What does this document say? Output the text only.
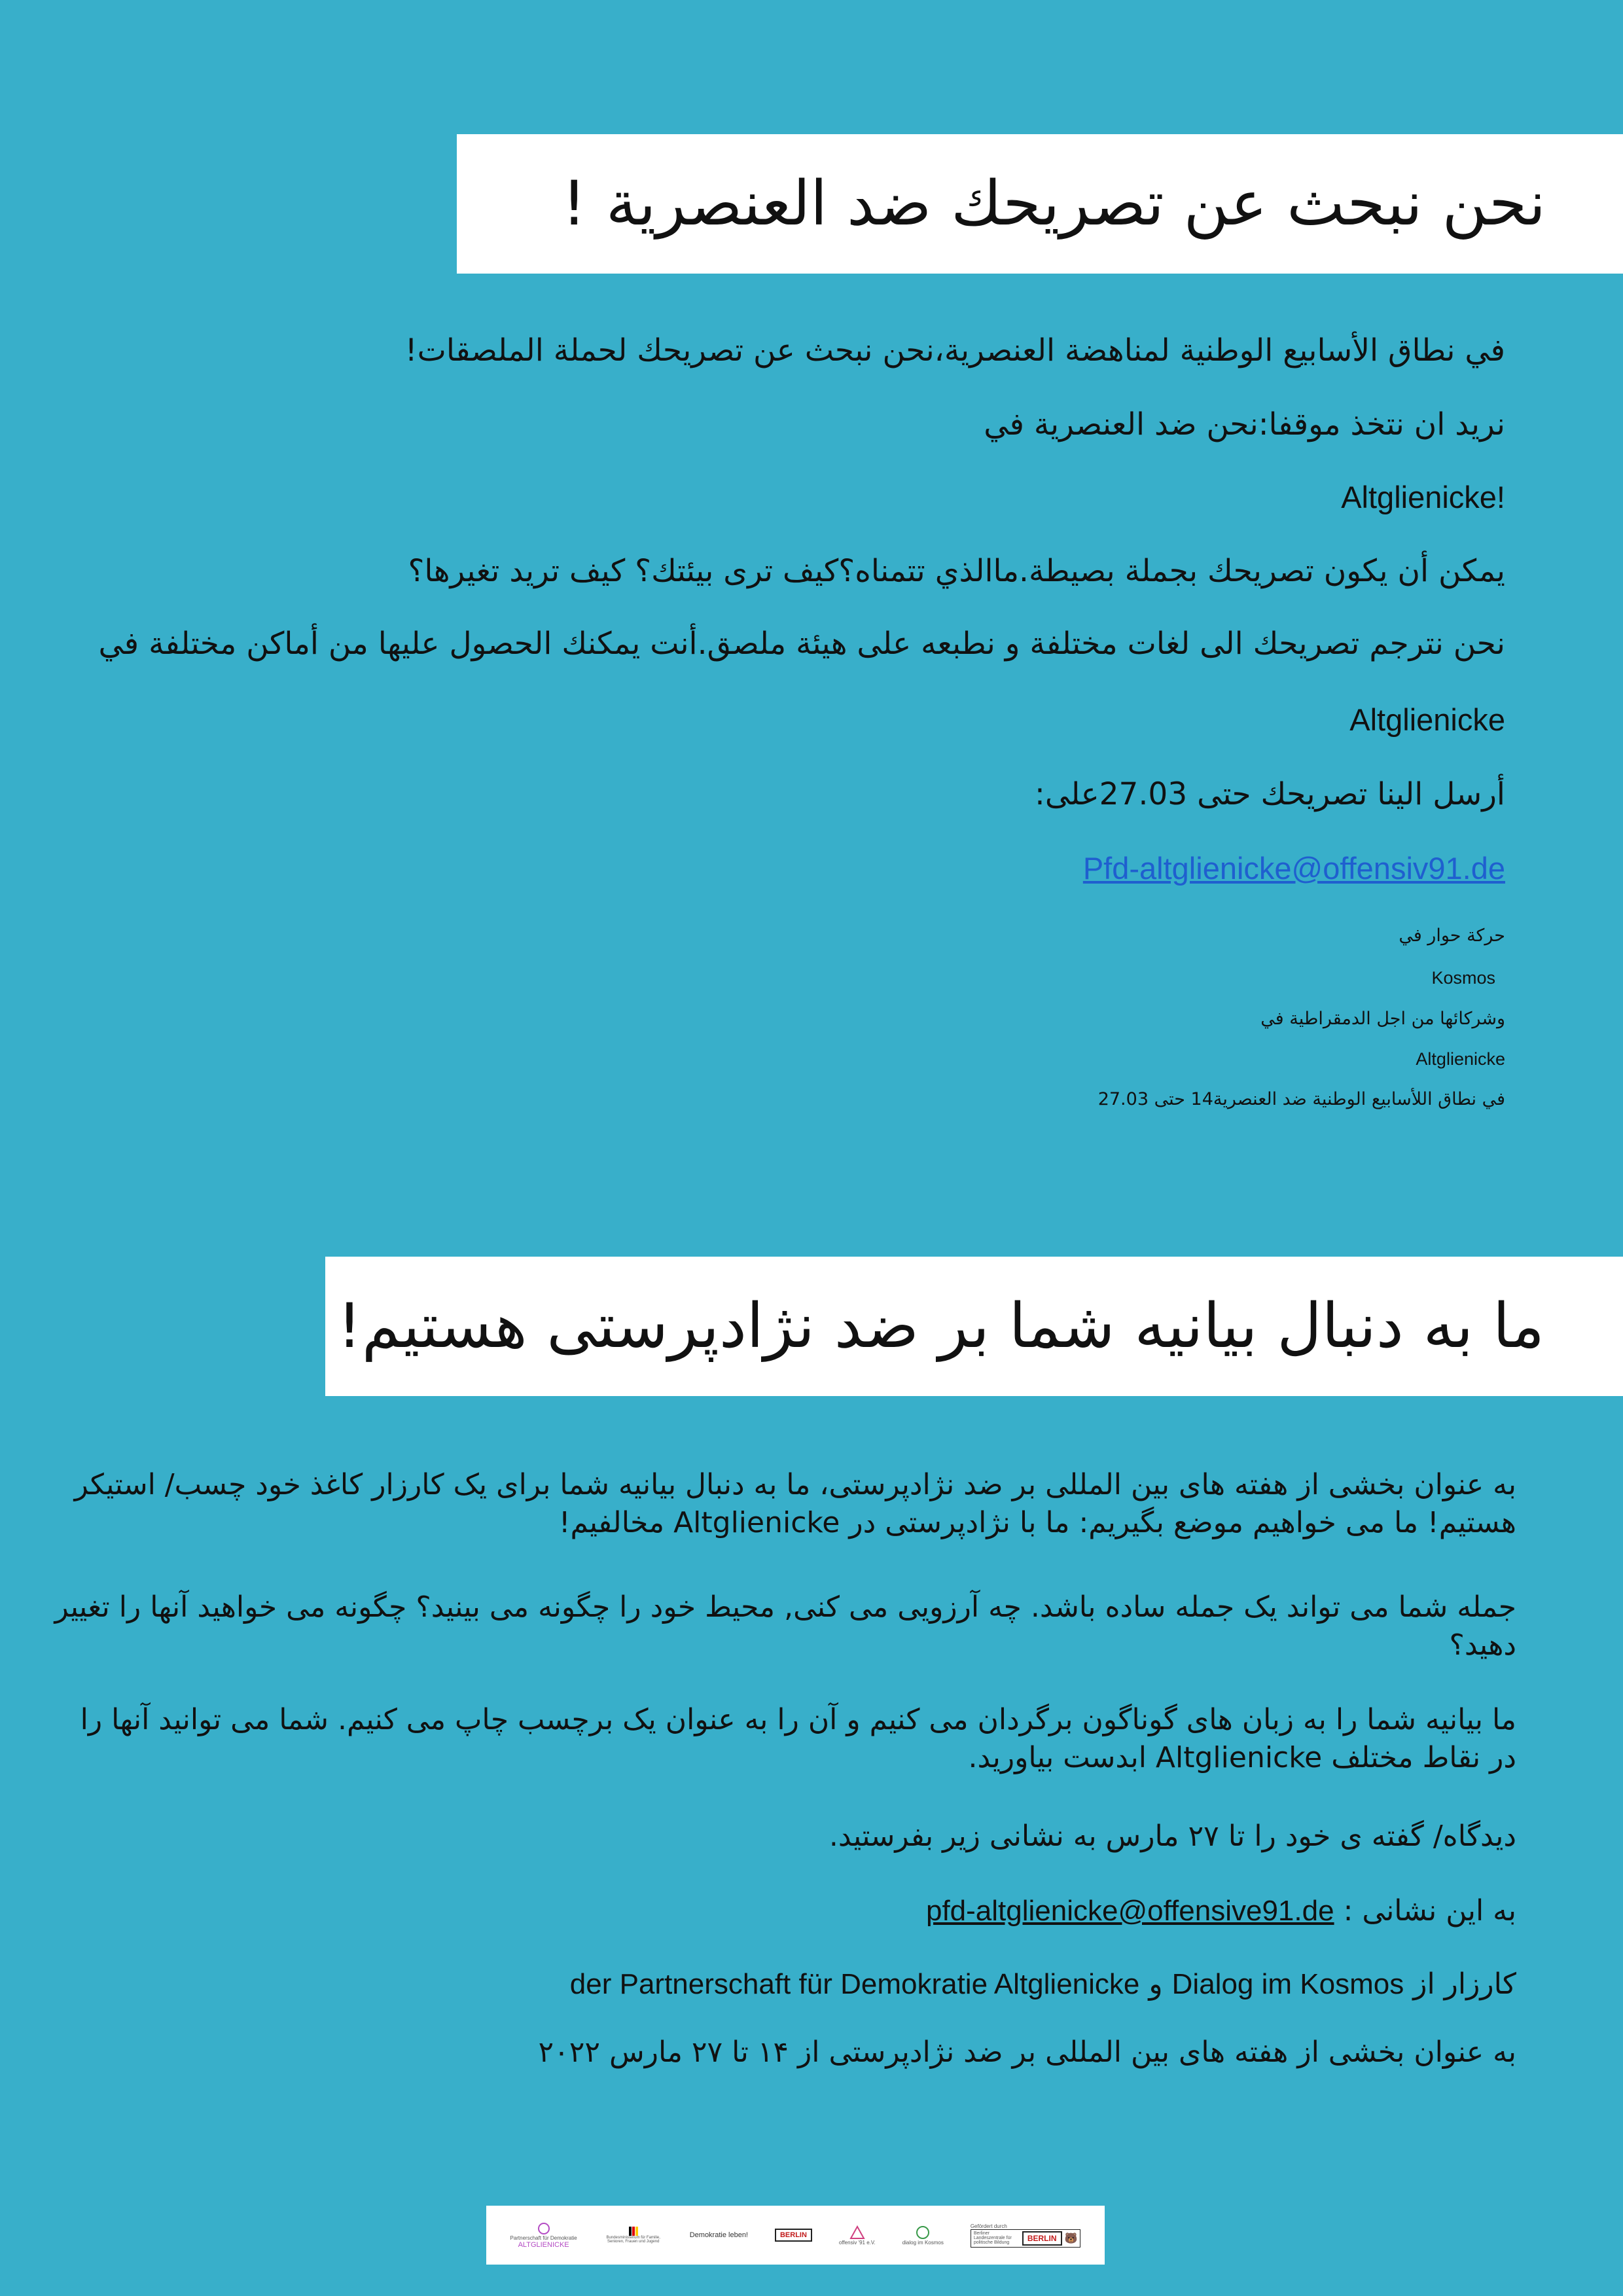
نحن نبحث عن تصريحك ضد العنصرية !
في نطاق الأسابيع الوطنية لمناهضة العنصرية،نحن نبحث عن تصريحك لحملة الملصقات!
نريد ان نتخذ موقفا:نحن ضد العنصرية في
Altglienicke!
يمكن أن يكون تصريحك بجملة بصيطة.ماالذي تتمناه؟كيف ترى بيئتك؟ كيف تريد تغيرها؟
نحن نترجم تصريحك الى لغات مختلفة و نطبعه على هيئة ملصق.أنت يمكنك الحصول عليها من أماكن مختلفة في
Altglienicke
أرسل الينا تصريحك حتى 27.03على:
Pfd-altglienicke@offensiv91.de
حركة حوار في
Kosmos
وشركائها من اجل الدمقراطية في
Altglienicke
في نطاق اللأسابيع الوطنية ضد العنصرية14 حتى 27.03
ما به دنبال بیانیه شما بر ضد نژادپرستی هستیم!
به عنوان بخشی از هفته های بین المللی بر ضد نژادپرستی، ما به دنبال بیانیه شما برای یک کارزار کاغذ خود چسب/ استیکر هستیم! ما می خواهیم موضع بگیریم: ما با نژادپرستی در Altglienicke مخالفیم!
جمله شما می تواند یک جمله ساده باشد. چه آرزویی می کنی, محیط خود را چگونه می بینید؟ چگونه می خواهید آنها را تغییر دهید؟
ما بیانیه شما را به زبان های گوناگون برگردان می کنیم و آن را به عنوان یک برچسب چاپ می کنیم. شما می توانید آنها را در نقاط مختلف Altglienicke ابدست بیاورید.
دیدگاه/ گفته ی خود را تا ۲۷ مارس به نشانی زیر بفرستید.
به این نشانی : pfd-altglienicke@offensive91.de
کارزار از Dialog im Kosmos و der Partnerschaft für Demokratie Altglienicke
به عنوان بخشی از هفته های بین المللی بر ضد نژادپرستی از ۱۴ تا ۲۷ مارس ۲۰۲۲
Partnerschaft für Demokratie
ALTGLIENICKE
Bundesministerium für Familie, Senioren, Frauen und Jugend
Demokratie leben!	BERLIN
offensiv '91 e.V.	dialog im Kosmos
Gefördert durch
Berliner Landeszentrale für politische Bildung	BERLIN 🐻
